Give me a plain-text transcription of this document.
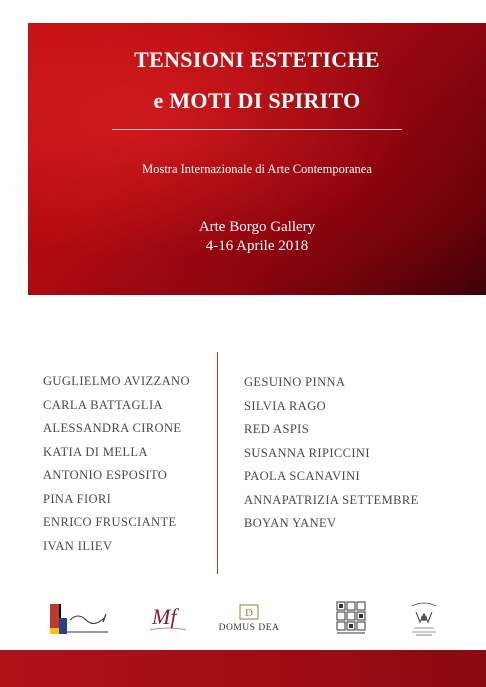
TENSIONI ESTETICHE
e MOTI DI SPIRITO
Mostra Internazionale di Arte Contemporanea
Arte Borgo Gallery
4-16 Aprile 2018
GUGLIELMO AVIZZANO
CARLA BATTAGLIA
ALESSANDRA CIRONE
KATIA DI MELLA
ANTONIO ESPOSITO
PINA FIORI
ENRICO FRUSCIANTE
IVAN ILIEV
GESUINO PINNA
SILVIA RAGO
RED ASPIS
SUSANNA RIPICCINI
PAOLA SCANAVINI
ANNAPATRIZIA SETTEMBRE
BOYAN YANEV
Mf	D
DOMUS DEA
